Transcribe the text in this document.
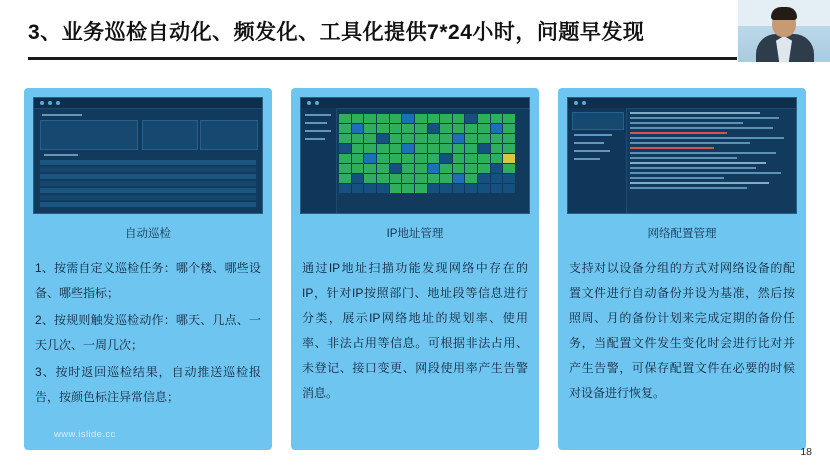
3、业务巡检自动化、频发化、工具化提供7*24小时，问题早发现
自动巡检

1、按需自定义巡检任务：哪个楼、哪些设备、哪些指标；

2、按规则触发巡检动作：哪天、几点、一天几次、一周几次；

3、按时返回巡检结果，自动推送巡检报告，按颜色标注异常信息；

www.islide.cc
IP地址管理

通过IP地址扫描功能发现网络中存在的IP，针对IP按照部门、地址段等信息进行分类，展示IP网络地址的规划率、使用率、非法占用等信息。可根据非法占用、未登记、接口变更、网段使用率产生告警消息。

网络配置管理

支持对以设备分组的方式对网络设备的配置文件进行自动备份并设为基准，然后按照周、月的备份计划来完成定期的备份任务，当配置文件发生变化时会进行比对并产生告警，可保存配置文件在必要的时候对设备进行恢复。

18
